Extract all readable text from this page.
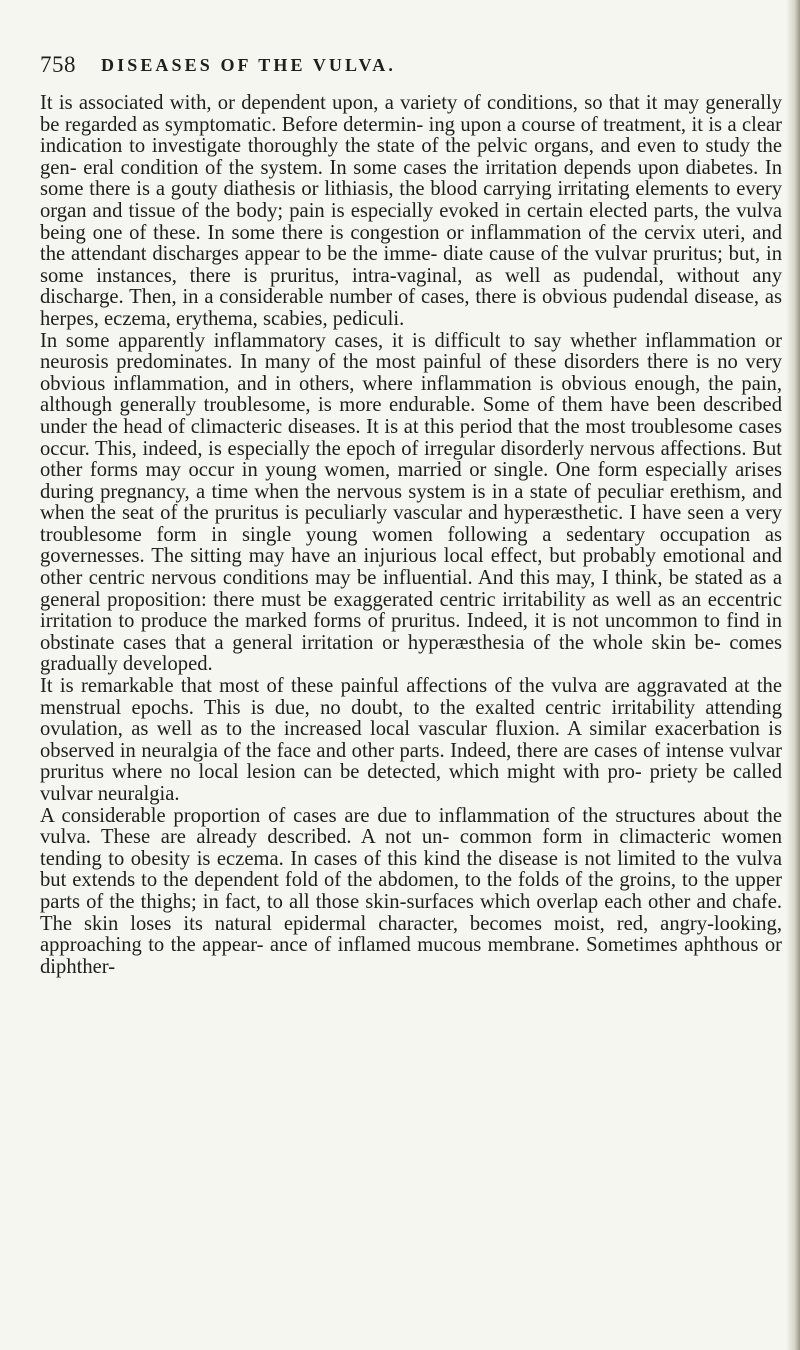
758 DISEASES OF THE VULVA.

It is associated with, or dependent upon, a variety of conditions, so that it may generally be regarded as symptomatic. Before determin- ing upon a course of treatment, it is a clear indication to investigate thoroughly the state of the pelvic organs, and even to study the gen- eral condition of the system. In some cases the irritation depends upon diabetes. In some there is a gouty diathesis or lithiasis, the blood carrying irritating elements to every organ and tissue of the body; pain is especially evoked in certain elected parts, the vulva being one of these. In some there is congestion or inflammation of the cervix uteri, and the attendant discharges appear to be the imme- diate cause of the vulvar pruritus; but, in some instances, there is pruritus, intra-vaginal, as well as pudendal, without any discharge. Then, in a considerable number of cases, there is obvious pudendal disease, as herpes, eczema, erythema, scabies, pediculi.

In some apparently inflammatory cases, it is difficult to say whether inflammation or neurosis predominates. In many of the most painful of these disorders there is no very obvious inflammation, and in others, where inflammation is obvious enough, the pain, although generally troublesome, is more endurable. Some of them have been described under the head of climacteric diseases. It is at this period that the most troublesome cases occur. This, indeed, is especially the epoch of irregular disorderly nervous affections. But other forms may occur in young women, married or single. One form especially arises during pregnancy, a time when the nervous system is in a state of peculiar erethism, and when the seat of the pruritus is peculiarly vascular and hyperæsthetic. I have seen a very troublesome form in single young women following a sedentary occupation as governesses. The sitting may have an injurious local effect, but probably emotional and other centric nervous conditions may be influential. And this may, I think, be stated as a general proposition: there must be exaggerated centric irritability as well as an eccentric irritation to produce the marked forms of pruritus. Indeed, it is not uncommon to find in obstinate cases that a general irritation or hyperæsthesia of the whole skin be- comes gradually developed.

It is remarkable that most of these painful affections of the vulva are aggravated at the menstrual epochs. This is due, no doubt, to the exalted centric irritability attending ovulation, as well as to the increased local vascular fluxion. A similar exacerbation is observed in neuralgia of the face and other parts. Indeed, there are cases of intense vulvar pruritus where no local lesion can be detected, which might with pro- priety be called vulvar neuralgia.

A considerable proportion of cases are due to inflammation of the structures about the vulva. These are already described. A not un- common form in climacteric women tending to obesity is eczema. In cases of this kind the disease is not limited to the vulva but extends to the dependent fold of the abdomen, to the folds of the groins, to the upper parts of the thighs; in fact, to all those skin-surfaces which overlap each other and chafe. The skin loses its natural epidermal character, becomes moist, red, angry-looking, approaching to the appear- ance of inflamed mucous membrane. Sometimes aphthous or diphther-
